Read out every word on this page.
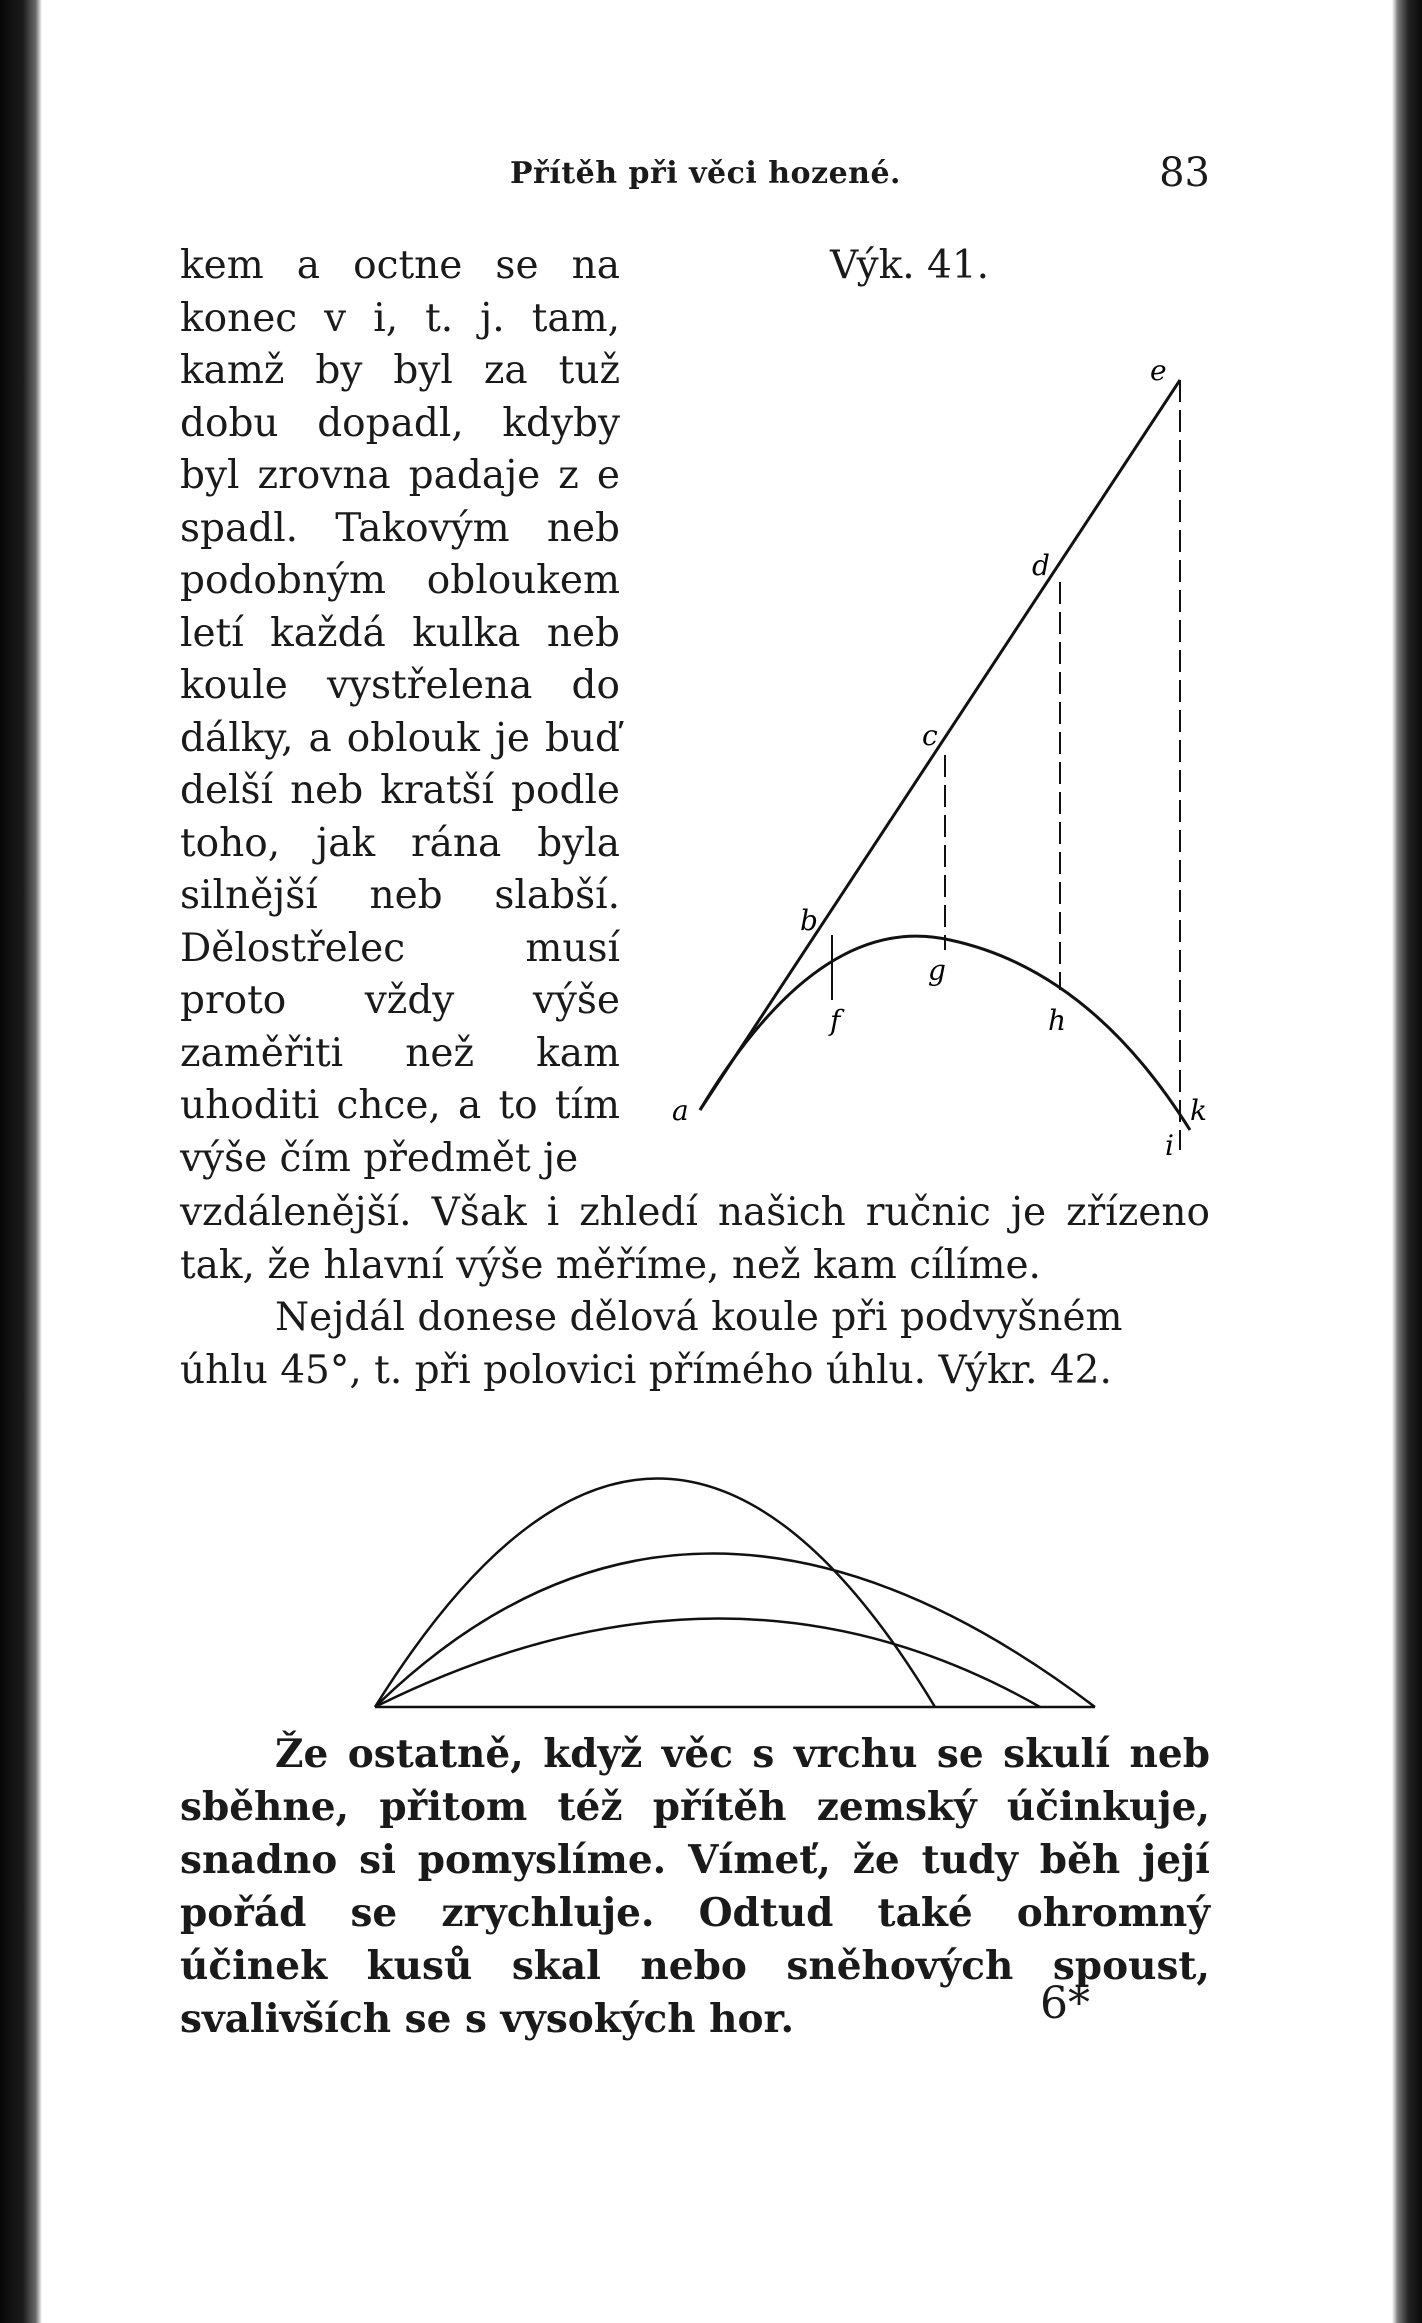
Přítěh při věci hozené.	83

kem a octne se na konec v i, t. j. tam, kamž by byl za tuž dobu dopadl, kdyby byl zrovna padaje z e spadl. Takovým neb podobným obloukem letí každá kulka neb koule vystřelena do dálky, a oblouk je buď delší neb kratší podle toho, jak rána byla silnější neb slabší. Dělostřelec musí proto vždy výše zaměřiti než kam uhoditi chce, a to tím výše čím předmět je

Výk. 41.
a
b
c
d
e
f
g
h
i
k

vzdálenější. Však i zhledí našich ručnic je zřízeno tak, že hlavní výše měříme, než kam cílíme.

Nejdál donese dělová koule při podvyšném úhlu 45°, t. při polovici přímého úhlu. Výkr. 42.

Že ostatně, když věc s vrchu se skulí neb sběhne, přitom též přítěh zemský účinkuje, snadno si pomyslíme. Vímeť, že tudy běh její pořád se zrychluje. Odtud také ohromný účinek kusů skal nebo sněhových spoust, svalivších se s vysokých hor.	6*
